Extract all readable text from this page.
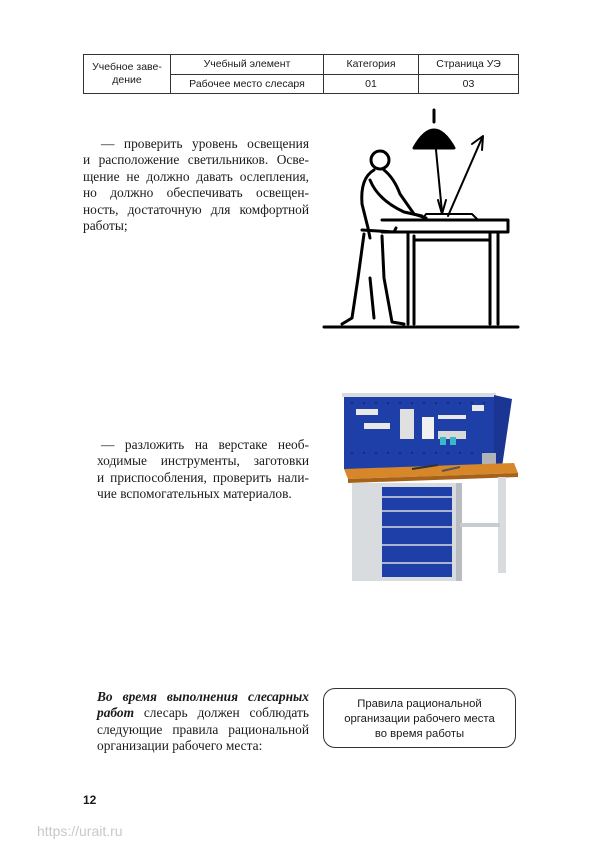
Учебное заве-
дение	Учебный элемент	Категория	Страница УЭ
	Рабочее место слесаря	01	03
— проверить уровень освещения
и расположение светильников. Осве-
щение не должно давать ослепления,
но должно обеспечивать освещен-
ность, достаточную для комфортной
работы;
— разложить на верстаке необ-
ходимые инструменты, заготовки
и приспособления, проверить нали-
чие вспомогательных материалов.
Во время выполнения слесарных
работ слесарь должен соблюдать
следующие правила рациональной
организации рабочего места:
Правила рациональной
организации рабочего места
во время работы
12
https://urait.ru
